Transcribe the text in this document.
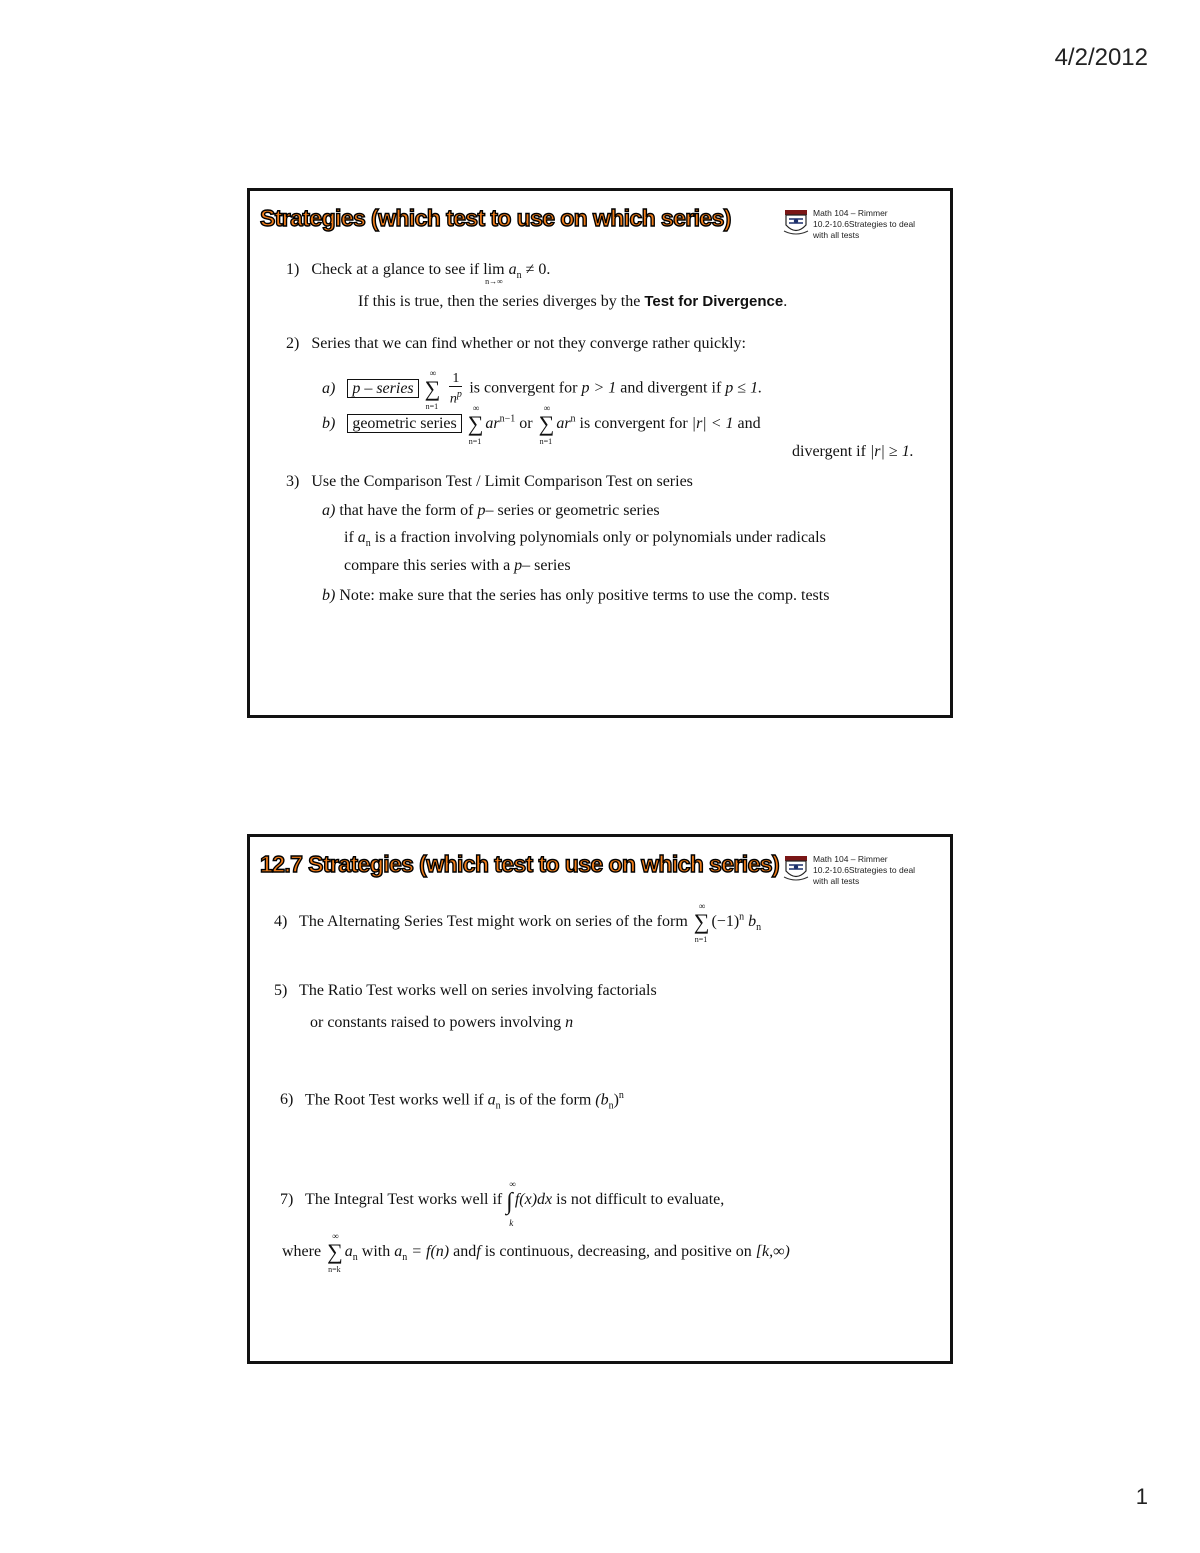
4/2/2012
Strategies (which test to use on which series)	Math 104 – Rimmer
10.2-10.6Strategies to deal
with all tests
1) Check at a glance to see if lim
n→∞
$a_n \ne 0$.
If this is true, then the series diverges by the Test for Divergence.
2) Series that we can find whether or not they converge rather quickly:
a) p – series ∑
∞
n=1
$\frac{1}{n^p}$ is convergent for p > 1 and divergent if p ≤ 1.
b) geometric series ∑
∞
n=1
$ar^{n-1}$ or ∑
∞
n=1
$ar^n$ is convergent for |r| < 1 and
divergent if |r| ≥ 1.
3) Use the Comparison Test / Limit Comparison Test on series
a) that have the form of p– series or geometric series
if $a_n$ is a fraction involving polynomials only or polynomials under radicals
compare this series with a p– series
b) Note: make sure that the series has only positive terms to use the comp. tests
12.7 Strategies (which test to use on which series)	Math 104 – Rimmer
10.2-10.6Strategies to deal
with all tests
4) The Alternating Series Test might work on series of the form ∑
∞
n=1
$(-1)^n$ $b_n$
5) The Ratio Test works well on series involving factorials
or constants raised to powers involving n
6) The Root Test works well if $a_n$ is of the form $(b_n)^n$
7) The Integral Test works well if ∫
∞
k
f(x)dx is not difficult to evaluate,
where ∑
∞
n=k
$a_n$ with $a_n = f(n)$ andf is continuous, decreasing, and positive on [k,∞)
1
